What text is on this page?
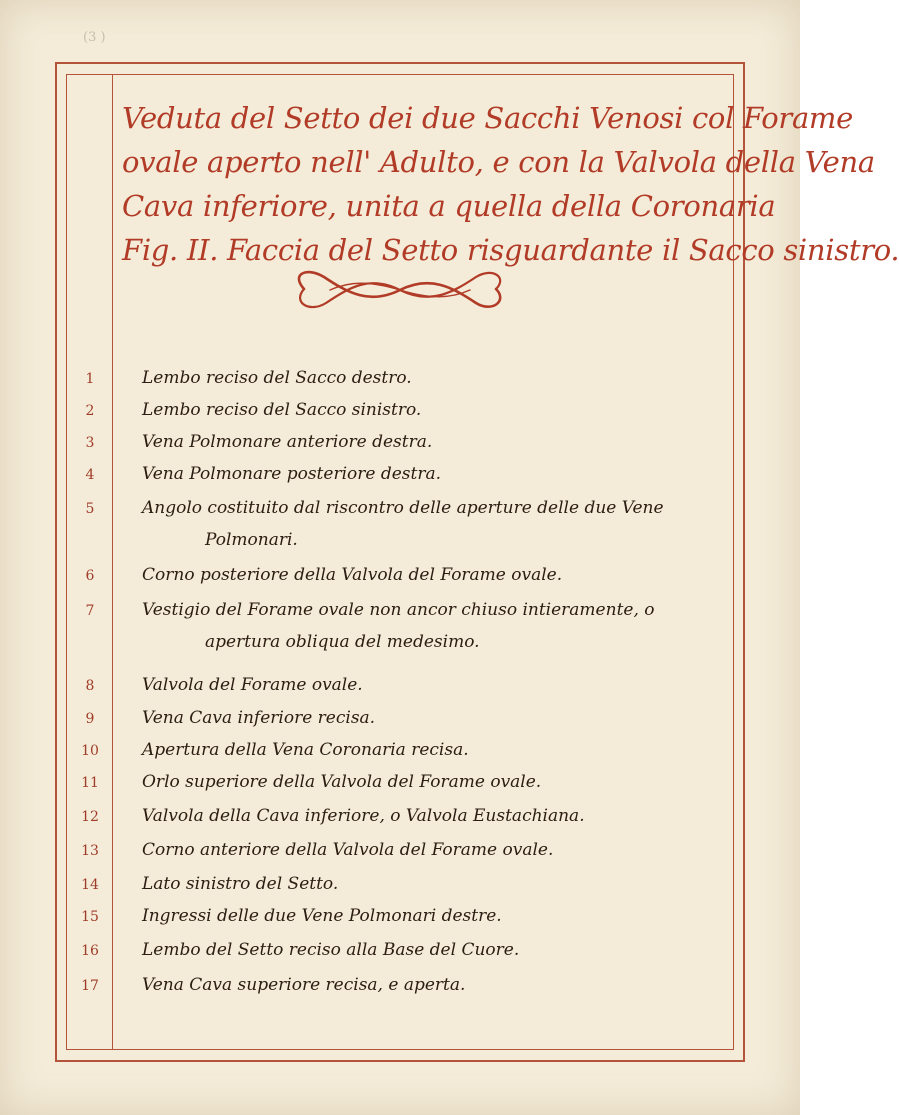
(3 )
Veduta del Setto dei due Sacchi Venosi col Forame
ovale aperto nell' Adulto, e con la Valvola della Vena
Cava inferiore, unita a quella della Coronaria
Fig. II. Faccia del Setto risguardante il Sacco sinistro.
1	Lembo reciso del Sacco destro.
2	Lembo reciso del Sacco sinistro.
3	Vena Polmonare anteriore destra.
4	Vena Polmonare posteriore destra.
5	Angolo costituito dal riscontro delle aperture delle due Vene
Polmonari.
6	Corno posteriore della Valvola del Forame ovale.
7	Vestigio del Forame ovale non ancor chiuso intieramente, o
apertura obliqua del medesimo.
8	Valvola del Forame ovale.
9	Vena Cava inferiore recisa.
10	Apertura della Vena Coronaria recisa.
11	Orlo superiore della Valvola del Forame ovale.
12	Valvola della Cava inferiore, o Valvola Eustachiana.
13	Corno anteriore della Valvola del Forame ovale.
14	Lato sinistro del Setto.
15	Ingressi delle due Vene Polmonari destre.
16	Lembo del Setto reciso alla Base del Cuore.
17	Vena Cava superiore recisa, e aperta.
